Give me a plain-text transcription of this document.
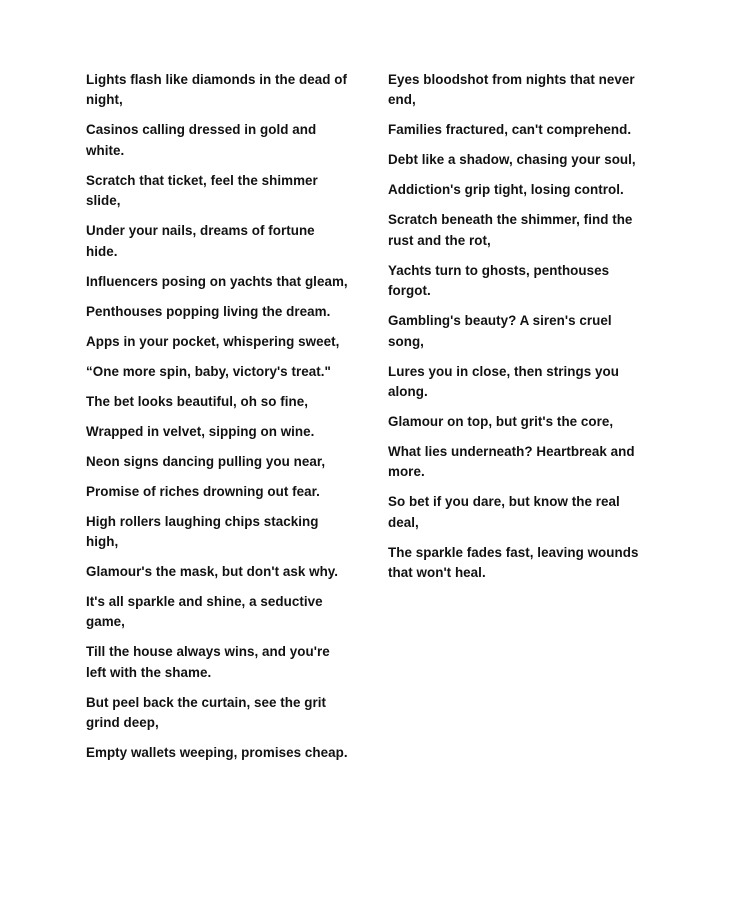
Lights flash like diamonds in the dead of night,

Casinos calling dressed in gold and white.

Scratch that ticket, feel the shimmer slide,

Under your nails, dreams of fortune hide.

Influencers posing on yachts that gleam,

Penthouses popping living the dream.

Apps in your pocket, whispering sweet,

“One more spin, baby, victory's treat."

The bet looks beautiful, oh so fine,

Wrapped in velvet, sipping on wine.

Neon signs dancing pulling you near,

Promise of riches drowning out fear.

High rollers laughing chips stacking high,

Glamour's the mask, but don't ask why.

It's all sparkle and shine, a seductive game,

Till the house always wins, and you're left with the shame.

But peel back the curtain, see the grit grind deep,

Empty wallets weeping, promises cheap.

Eyes bloodshot from nights that never end,

Families fractured, can't comprehend.

Debt like a shadow, chasing your soul,

Addiction's grip tight, losing control.

Scratch beneath the shimmer, find the rust and the rot,

Yachts turn to ghosts, penthouses forgot.

Gambling's beauty? A siren's cruel song,

Lures you in close, then strings you along.

Glamour on top, but grit's the core,

What lies underneath? Heartbreak and more.

So bet if you dare, but know the real deal,

The sparkle fades fast, leaving wounds that won't heal.
